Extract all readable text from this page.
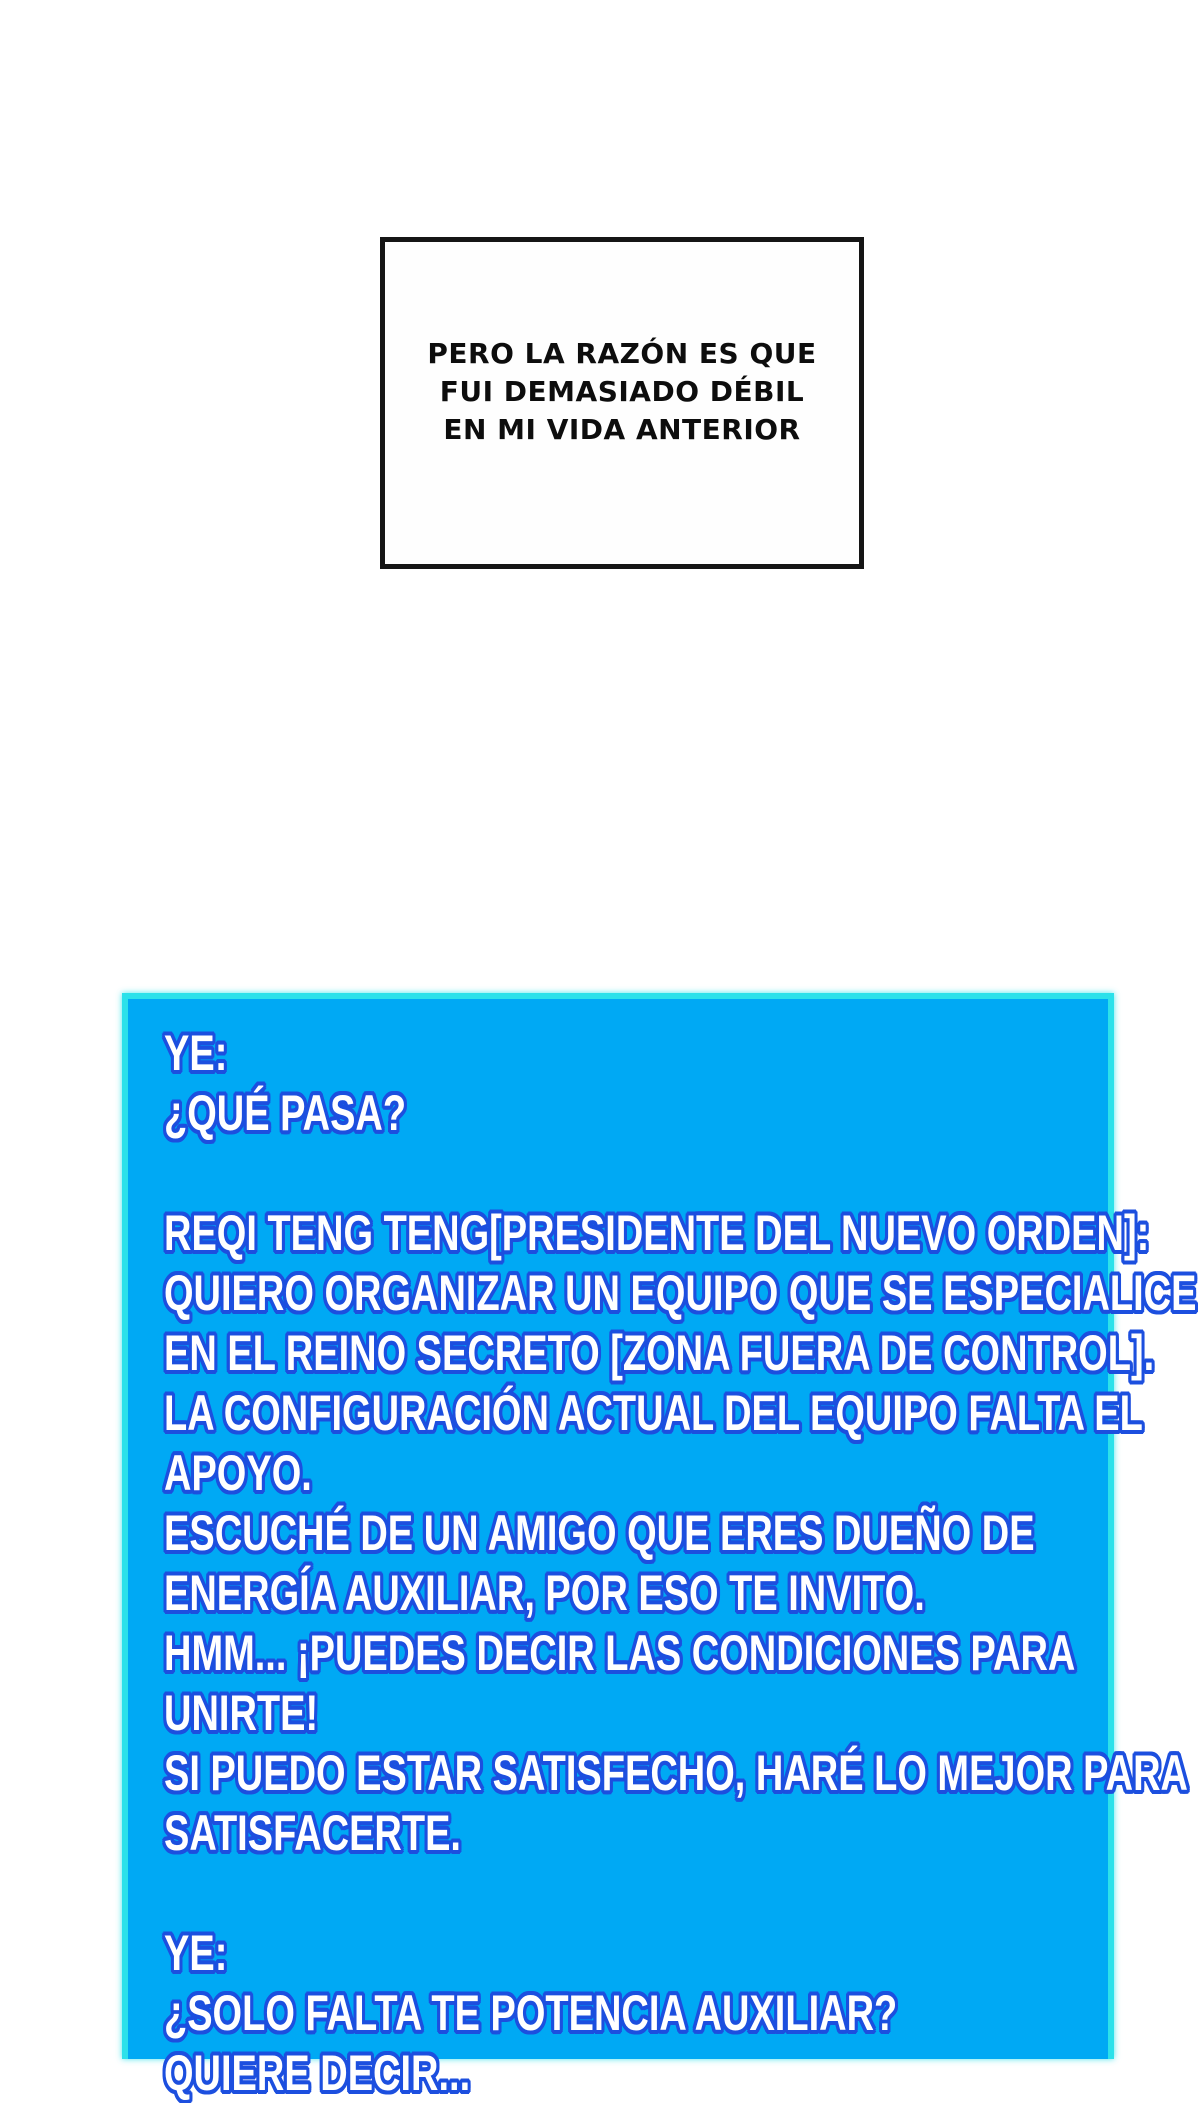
PERO LA RAZÓN ES QUE
FUI DEMASIADO DÉBIL
EN MI VIDA ANTERIOR
YE:
¿QUÉ PASA?
REQI TENG TENG[PRESIDENTE DEL NUEVO ORDEN]:
QUIERO ORGANIZAR UN EQUIPO QUE SE ESPECIALICE
EN EL REINO SECRETO [ZONA FUERA DE CONTROL].
LA CONFIGURACIÓN ACTUAL DEL EQUIPO FALTA EL
APOYO.
ESCUCHÉ DE UN AMIGO QUE ERES DUEÑO DE
ENERGÍA AUXILIAR, POR ESO TE INVITO.
HMM... ¡PUEDES DECIR LAS CONDICIONES PARA
UNIRTE!
SI PUEDO ESTAR SATISFECHO, HARÉ LO MEJOR PARA
SATISFACERTE.
YE:
¿SOLO FALTA TE POTENCIA AUXILIAR?
QUIERE DECIR...
